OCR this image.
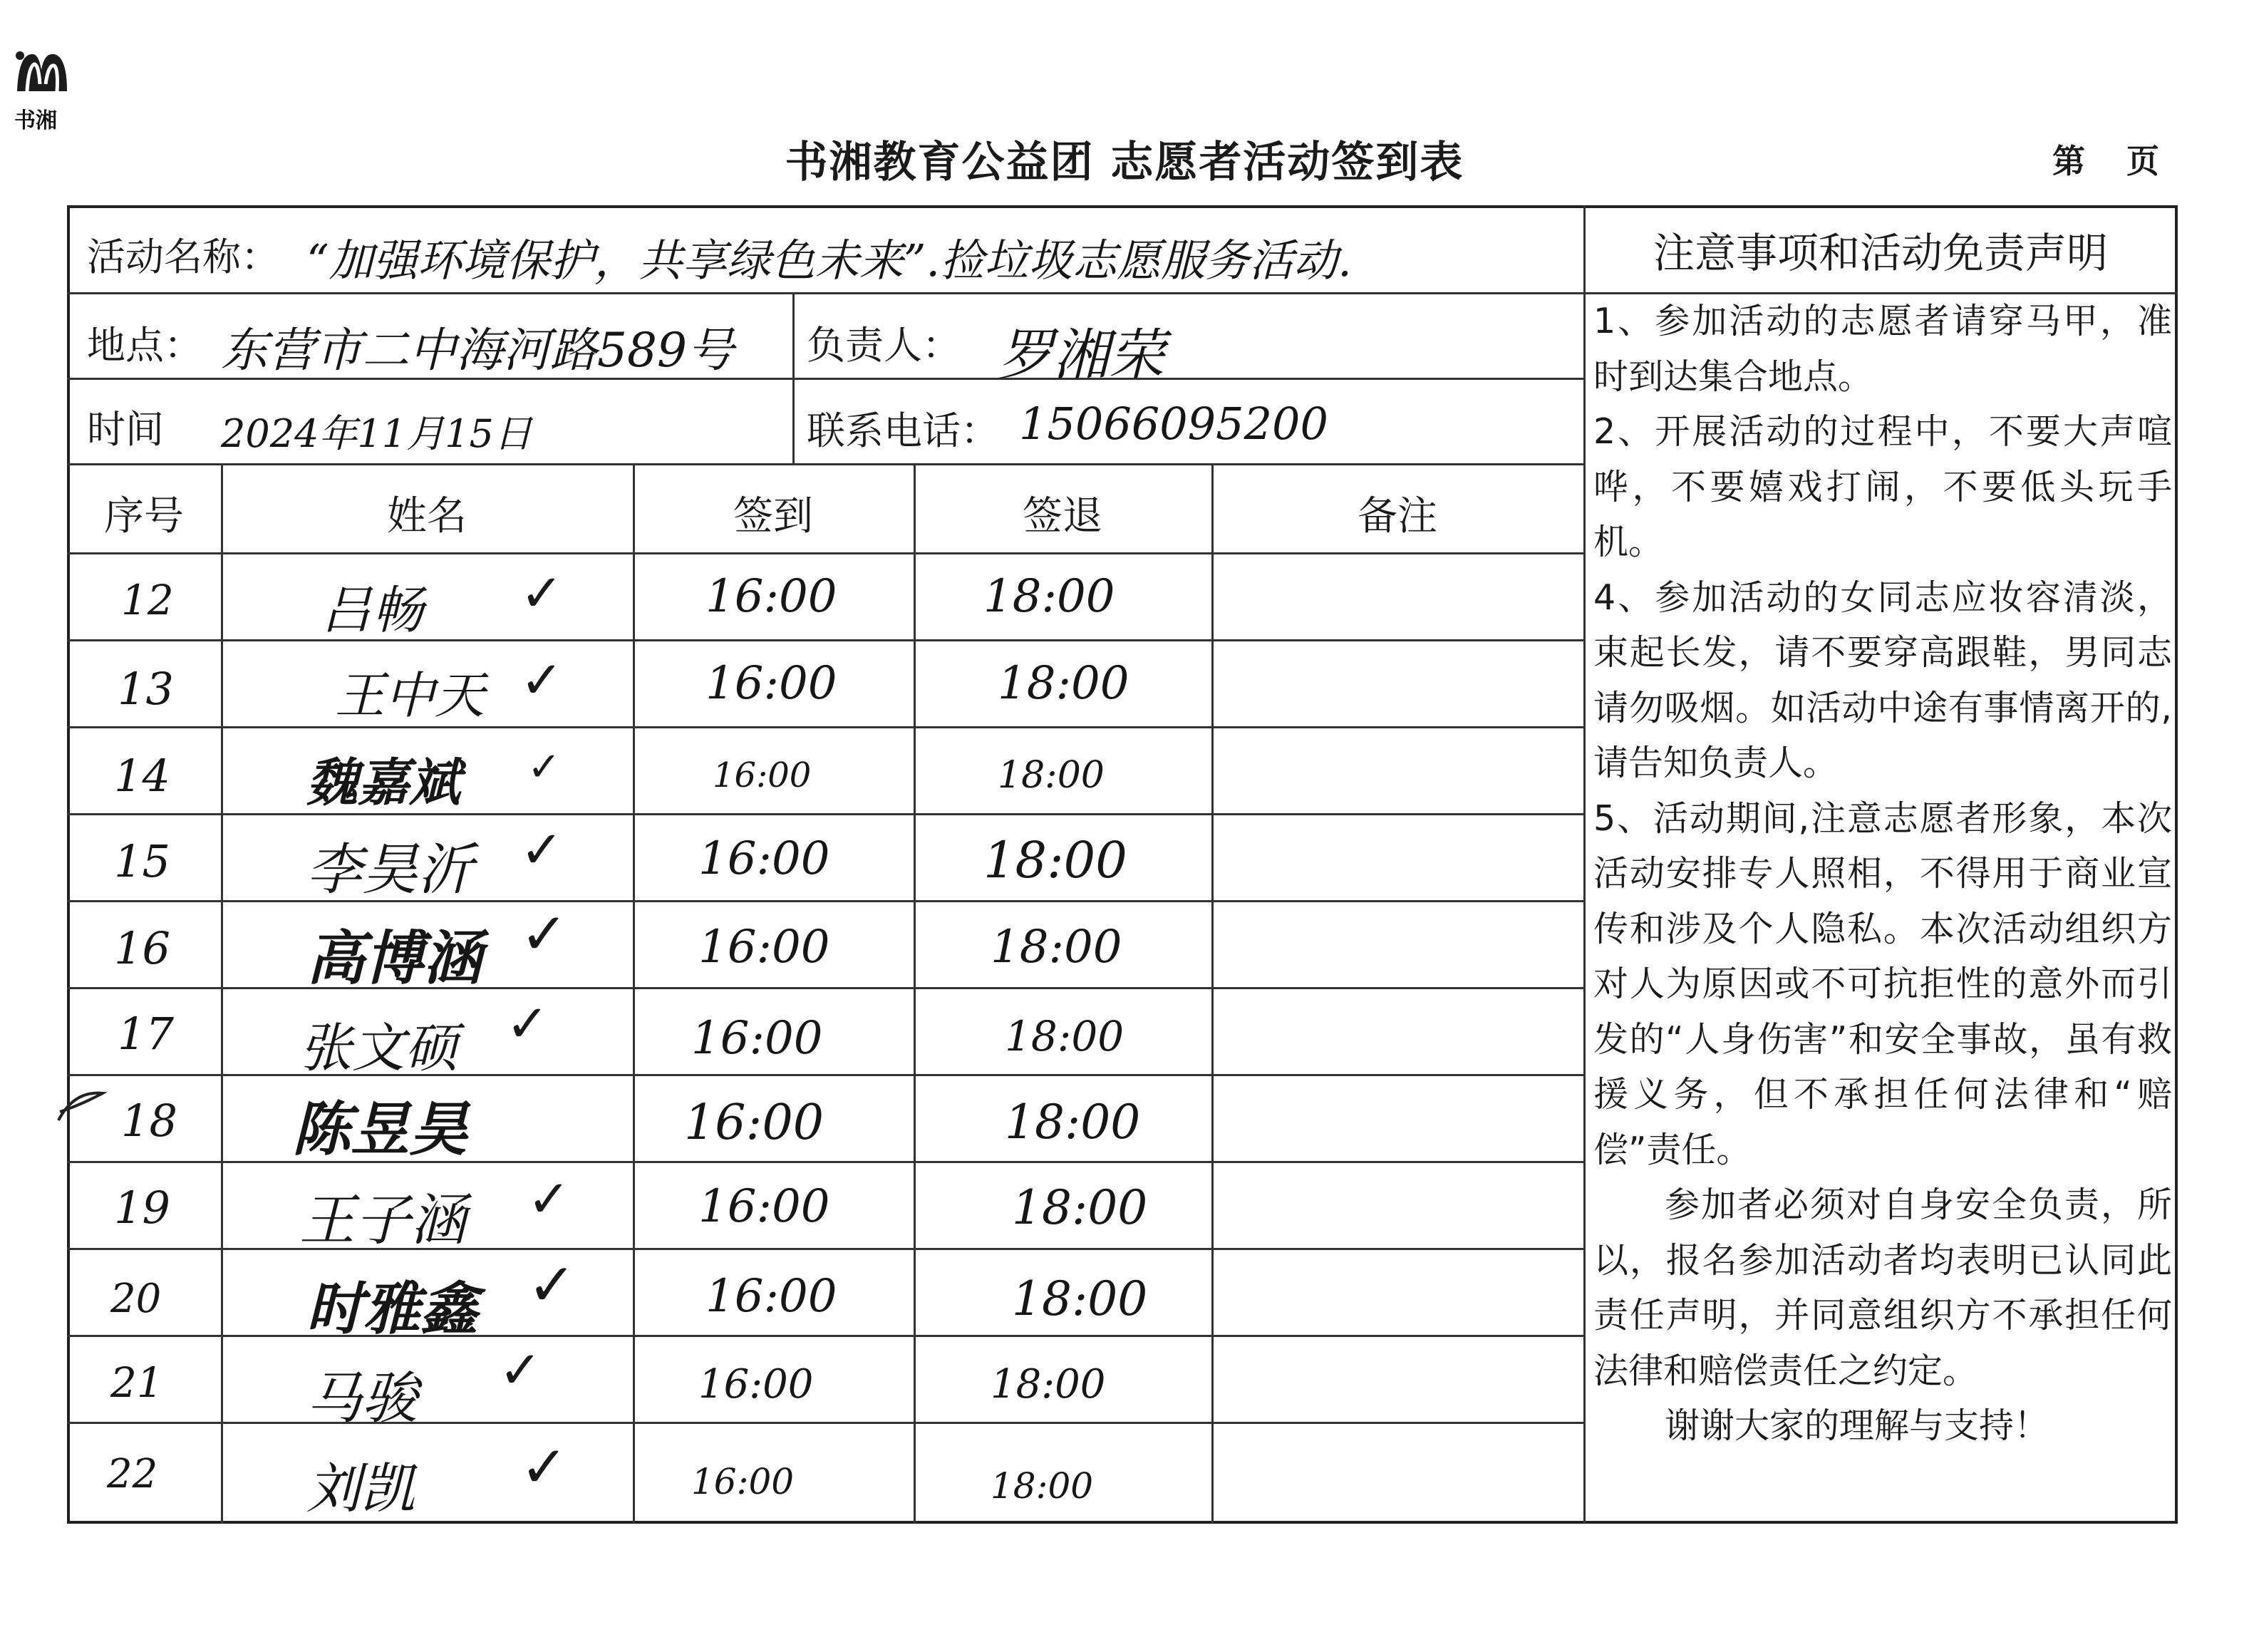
书湘
书湘教育公益团 志愿者活动签到表	第 页
活动名称： “加强环境保护，共享绿色未来”.捡垃圾志愿服务活动.
地点： 东营市二中海河路589号 负责人： 罗湘荣
时间 2024年11月15日	联系电话： 15066095200
序号	姓名	签到	签退	备注
12	吕畅 ✓	16:00	18:00
13	王中天 ✓	16:00	18:00
14	魏嘉斌 ✓	16:00	18:00
15 李昊沂 ✓	16:00	18:00
16 高博涵 ✓	16:00	18:00
17 张文硕 ✓	16:00	18:00
18 陈昱昊	16:00	18:00
19 王子涵 ✓	16:00	18:00
20	时雅鑫 ✓	16:00	18:00
21	马骏 ✓	16:00	18:00
22	刘凯 ✓	16:00	18:00
注意事项和活动免责声明

1、参加活动的志愿者请穿马甲，准时到达集合地点。

2、开展活动的过程中，不要大声喧哗，不要嬉戏打闹，不要低头玩手机。

4、参加活动的女同志应妆容清淡，束起长发，请不要穿高跟鞋，男同志请勿吸烟。如活动中途有事情离开的,请告知负责人。

5、活动期间,注意志愿者形象，本次活动安排专人照相，不得用于商业宣传和涉及个人隐私。本次活动组织方对人为原因或不可抗拒性的意外而引发的“人身伤害”和安全事故，虽有救援义务，但不承担任何法律和“赔偿”责任。

参加者必须对自身安全负责，所以，报名参加活动者均表明已认同此责任声明，并同意组织方不承担任何法律和赔偿责任之约定。

谢谢大家的理解与支持！
